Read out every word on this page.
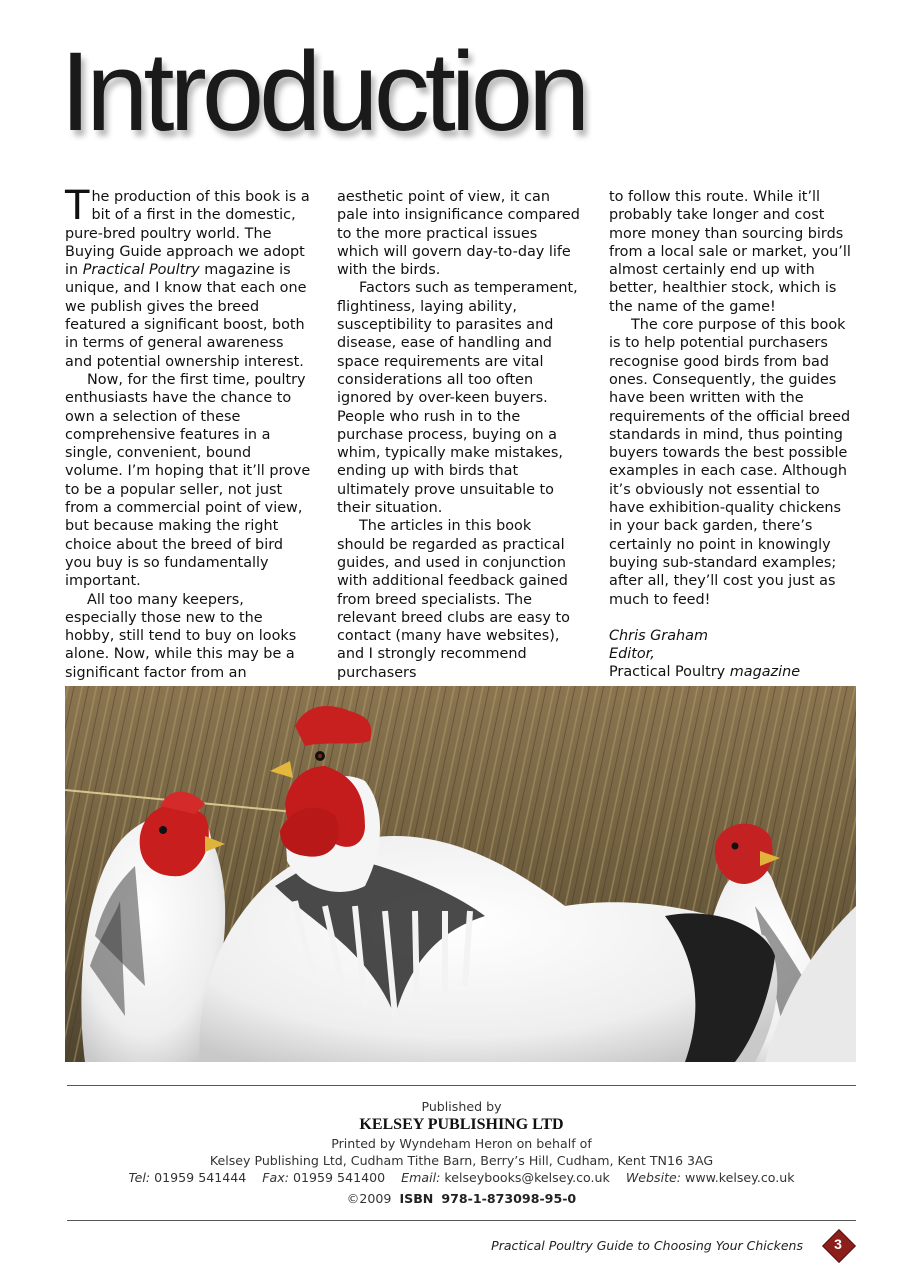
Introduction

The production of this book is a bit of a first in the domestic, pure-bred poultry world. The Buying Guide approach we adopt in Practical Poultry magazine is unique, and I know that each one we publish gives the breed featured a significant boost, both in terms of general awareness and potential ownership interest.

Now, for the first time, poultry enthusiasts have the chance to own a selection of these comprehensive features in a single, convenient, bound volume. I’m hoping that it’ll prove to be a popular seller, not just from a commercial point of view, but because making the right choice about the breed of bird you buy is so fundamentally important.

All too many keepers, especially those new to the hobby, still tend to buy on looks alone. Now, while this may be a significant factor from an

aesthetic point of view, it can pale into insignificance compared to the more practical issues which will govern day-to-day life with the birds.

Factors such as temperament, flightiness, laying ability, susceptibility to parasites and disease, ease of handling and space requirements are vital considerations all too often ignored by over-keen buyers. People who rush in to the purchase process, buying on a whim, typically make mistakes, ending up with birds that ultimately prove unsuitable to their situation.

The articles in this book should be regarded as practical guides, and used in conjunction with additional feedback gained from breed specialists. The relevant breed clubs are easy to contact (many have websites), and I strongly recommend purchasers

to follow this route. While it’ll probably take longer and cost more money than sourcing birds from a local sale or market, you’ll almost certainly end up with better, healthier stock, which is the name of the game!

The core purpose of this book is to help potential purchasers recognise good birds from bad ones. Consequently, the guides have been written with the requirements of the official breed standards in mind, thus pointing buyers towards the best possible examples in each case. Although it’s obviously not essential to have exhibition-quality chickens in your back garden, there’s certainly no point in knowingly buying sub-standard examples; after all, they’ll cost you just as much to feed!

Chris Graham
Editor,
Practical Poultry magazine

Published by
KELSEY PUBLISHING LTD
Printed by Wyndeham Heron on behalf of
Kelsey Publishing Ltd, Cudham Tithe Barn, Berry’s Hill, Cudham, Kent TN16 3AG
Tel: 01959 541444 Fax: 01959 541400 Email: kelseybooks@kelsey.co.uk Website: www.kelsey.co.uk
©2009 ISBN 978-1-873098-95-0
Practical Poultry Guide to Choosing Your Chickens	3
